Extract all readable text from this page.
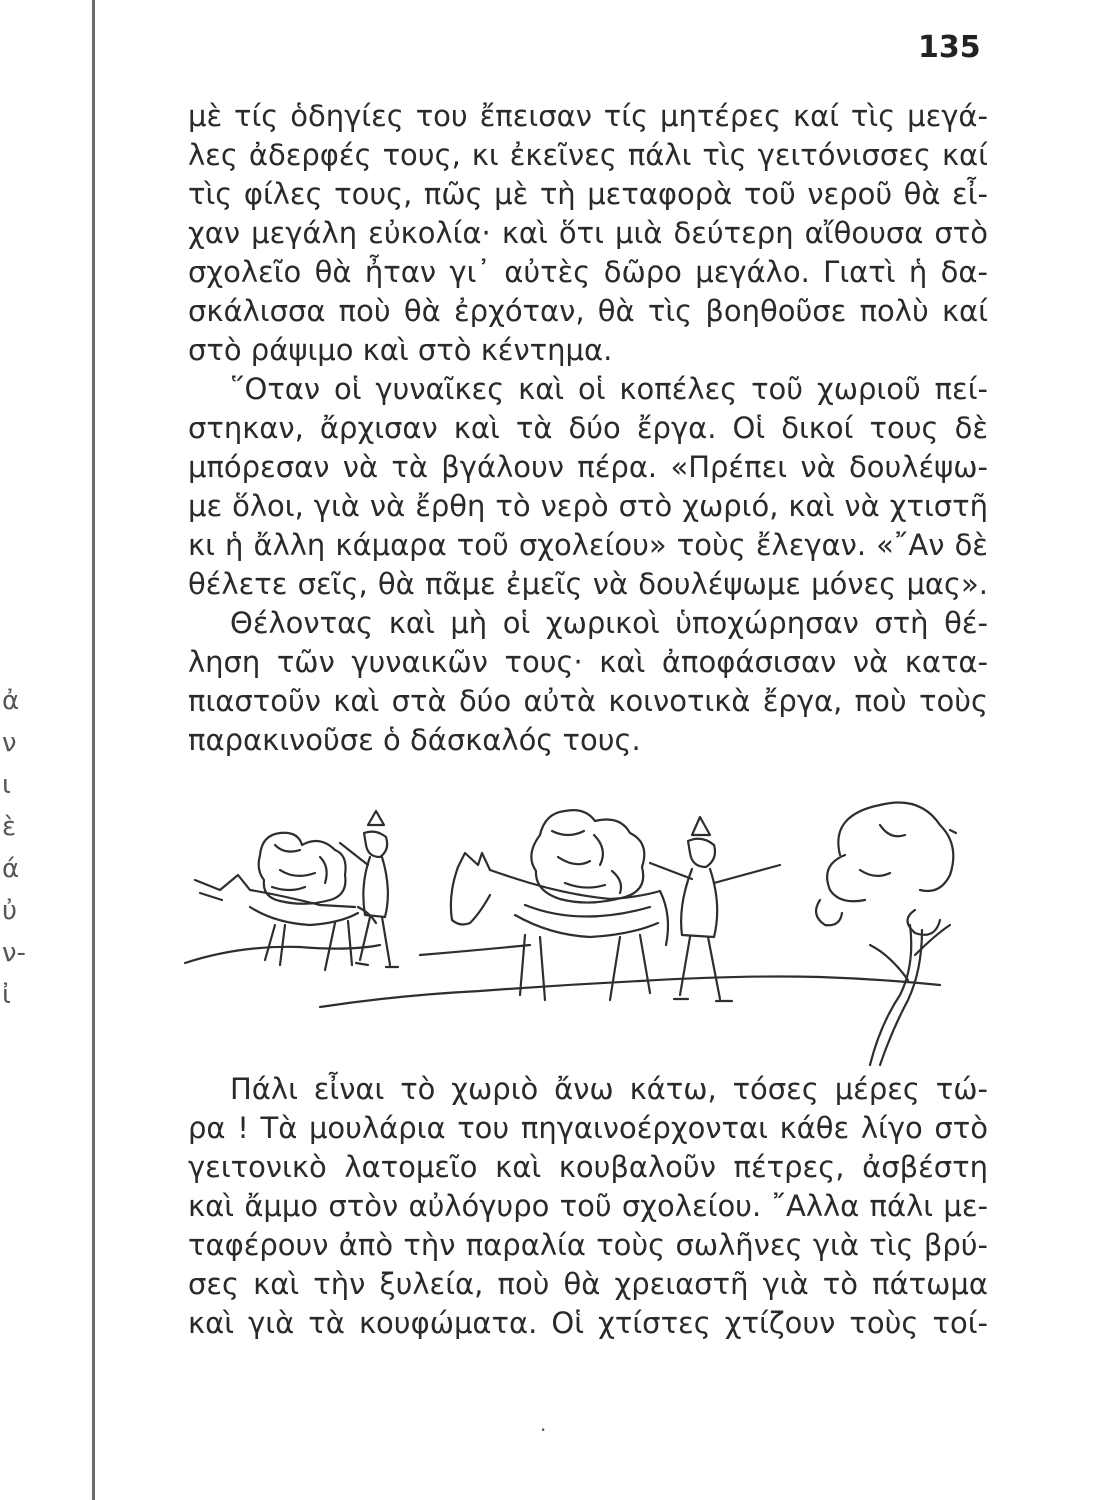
ἀ
ν
ι
ὲ
ά
ὐ
ν-
ἰ
135
μὲ τίς ὁδηγίες του ἔπεισαν τίς μητέρες καί τὶς μεγά-
λες ἀδερφές τους, κι ἐκεῖνες πάλι τὶς γειτόνισσες καί
τὶς φίλες τους, πῶς μὲ τὴ μεταφορὰ τοῦ νεροῦ θὰ εἶ-
χαν μεγάλη εὐκολία· καὶ ὅτι μιὰ δεύτερη αἴθουσα στὸ
σχολεῖο θὰ ἦταν γι᾽ αὐτὲς δῶρο μεγάλο. Γιατὶ ἡ δα-
σκάλισσα ποὺ θὰ ἐρχόταν, θὰ τὶς βοηθοῦσε πολὺ καί
στὸ ράψιμο καὶ στὸ κέντημα.
῞Οταν οἱ γυναῖκες καὶ οἱ κοπέλες τοῦ χωριοῦ πεί-
στηκαν, ἄρχισαν καὶ τὰ δύο ἔργα. Οἱ δικοί τους δὲ
μπόρεσαν νὰ τὰ βγάλουν πέρα. «Πρέπει νὰ δουλέψω-
με ὅλοι, γιὰ νὰ ἔρθη τὸ νερὸ στὸ χωριό, καὶ νὰ χτιστῆ
κι ἡ ἄλλη κάμαρα τοῦ σχολείου» τοὺς ἔλεγαν. «῎Αν δὲ
θέλετε σεῖς, θὰ πᾶμε ἐμεῖς νὰ δουλέψωμε μόνες μας».
Θέλοντας καὶ μὴ οἱ χωρικοὶ ὑποχώρησαν στὴ θέ-
ληση τῶν γυναικῶν τους· καὶ ἀποφάσισαν νὰ κατα-
πιαστοῦν καὶ στὰ δύο αὐτὰ κοινοτικὰ ἔργα, ποὺ τοὺς
παρακινοῦσε ὁ δάσκαλός τους.
Πάλι εἶναι τὸ χωριὸ ἄνω κάτω, τόσες μέρες τώ-
ρα ! Τὰ μουλάρια του πηγαινοέρχονται κάθε λίγο στὸ
γειτονικὸ λατομεῖο καὶ κουβαλοῦν πέτρες, ἀσβέστη
καὶ ἄμμο στὸν αὐλόγυρο τοῦ σχολείου. ῎Αλλα πάλι με-
ταφέρουν ἀπὸ τὴν παραλία τοὺς σωλῆνες γιὰ τὶς βρύ-
σες καὶ τὴν ξυλεία, ποὺ θὰ χρειαστῆ γιὰ τὸ πάτωμα
καὶ γιὰ τὰ κουφώματα. Οἱ χτίστες χτίζουν τοὺς τοί-
·
